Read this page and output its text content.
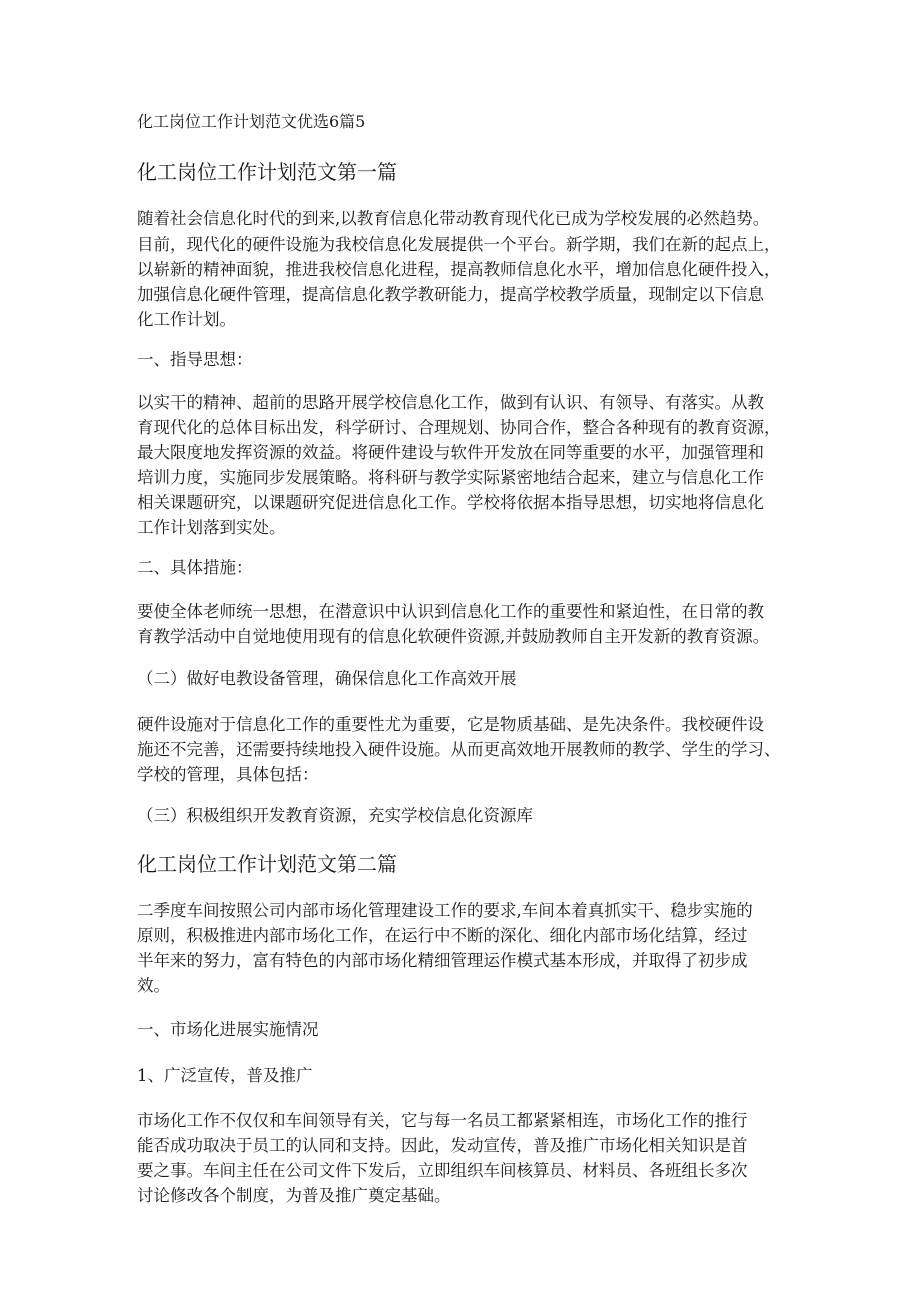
化工岗位工作计划范文优选6篇5
化工岗位工作计划范文第一篇
随着社会信息化时代的到来,以教育信息化带动教育现代化已成为学校发展的必然趋势。
目前，现代化的硬件设施为我校信息化发展提供一个平台。新学期，我们在新的起点上，
以崭新的精神面貌，推进我校信息化进程，提高教师信息化水平，增加信息化硬件投入，
加强信息化硬件管理，提高信息化教学教研能力，提高学校教学质量，现制定以下信息
化工作计划。
一、指导思想：
以实干的精神、超前的思路开展学校信息化工作，做到有认识、有领导、有落实。从教
育现代化的总体目标出发，科学研讨、合理规划、协同合作，整合各种现有的教育资源，
最大限度地发挥资源的效益。将硬件建设与软件开发放在同等重要的水平，加强管理和
培训力度，实施同步发展策略。将科研与教学实际紧密地结合起来，建立与信息化工作
相关课题研究，以课题研究促进信息化工作。学校将依据本指导思想，切实地将信息化
工作计划落到实处。
二、具体措施：
要使全体老师统一思想，在潜意识中认识到信息化工作的重要性和紧迫性，在日常的教
育教学活动中自觉地使用现有的信息化软硬件资源,并鼓励教师自主开发新的教育资源。
（二）做好电教设备管理，确保信息化工作高效开展
硬件设施对于信息化工作的重要性尤为重要，它是物质基础、是先决条件。我校硬件设
施还不完善，还需要持续地投入硬件设施。从而更高效地开展教师的教学、学生的学习、
学校的管理，具体包括：
（三）积极组织开发教育资源，充实学校信息化资源库
化工岗位工作计划范文第二篇
二季度车间按照公司内部市场化管理建设工作的要求,车间本着真抓实干、稳步实施的
原则，积极推进内部市场化工作，在运行中不断的深化、细化内部市场化结算，经过
半年来的努力，富有特色的内部市场化精细管理运作模式基本形成，并取得了初步成
效。
一、市场化进展实施情况
1、广泛宣传，普及推广
市场化工作不仅仅和车间领导有关，它与每一名员工都紧紧相连，市场化工作的推行
能否成功取决于员工的认同和支持。因此，发动宣传，普及推广市场化相关知识是首
要之事。车间主任在公司文件下发后，立即组织车间核算员、材料员、各班组长多次
讨论修改各个制度，为普及推广奠定基础。
